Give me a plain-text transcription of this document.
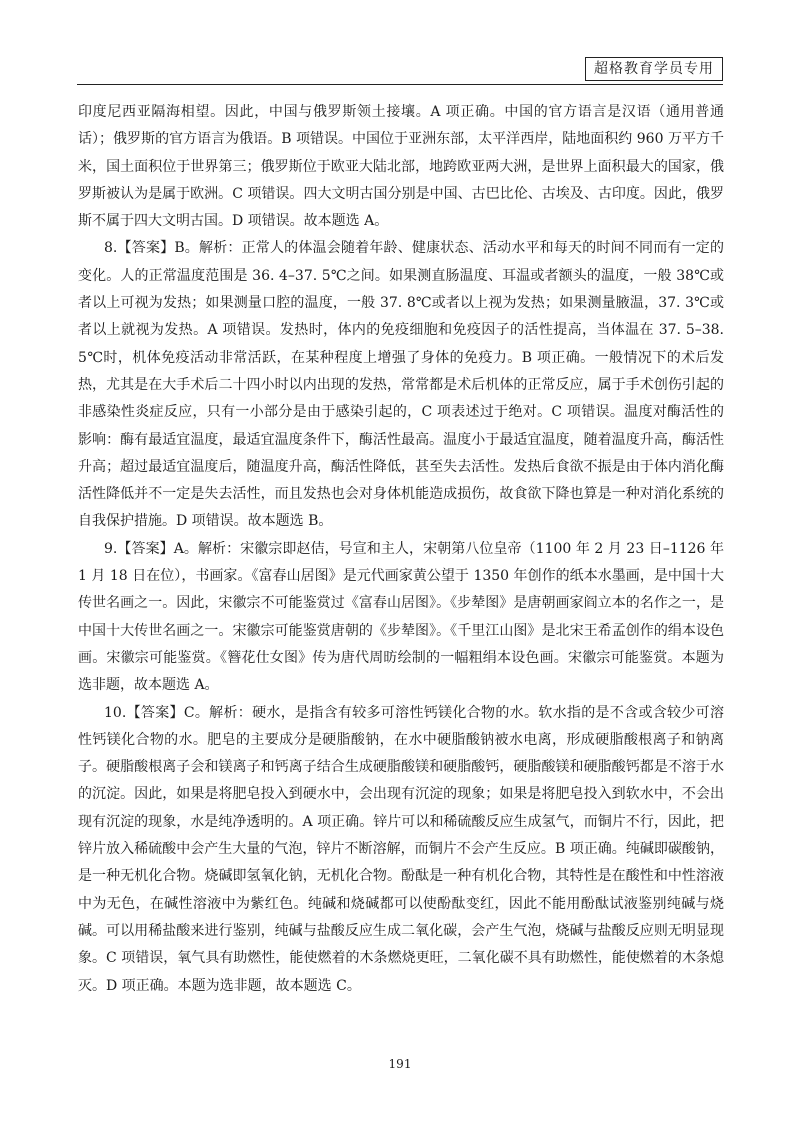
超格教育学员专用

印度尼西亚隔海相望。因此，中国与俄罗斯领土接壤。A 项正确。中国的官方语言是汉语（通用普通话）；俄罗斯的官方语言为俄语。B 项错误。中国位于亚洲东部，太平洋西岸，陆地面积约 960 万平方千米，国土面积位于世界第三；俄罗斯位于欧亚大陆北部，地跨欧亚两大洲，是世界上面积最大的国家，俄罗斯被认为是属于欧洲。C 项错误。四大文明古国分别是中国、古巴比伦、古埃及、古印度。因此，俄罗斯不属于四大文明古国。D 项错误。故本题选 A。

8.【答案】B。解析：正常人的体温会随着年龄、健康状态、活动水平和每天的时间不同而有一定的变化。人的正常温度范围是 36. 4–37. 5℃之间。如果测直肠温度、耳温或者额头的温度，一般 38℃或者以上可视为发热；如果测量口腔的温度，一般 37. 8℃或者以上视为发热；如果测量腋温，37. 3℃或者以上就视为发热。A 项错误。发热时，体内的免疫细胞和免疫因子的活性提高，当体温在 37. 5–38. 5℃时，机体免疫活动非常活跃，在某种程度上增强了身体的免疫力。B 项正确。一般情况下的术后发热，尤其是在大手术后二十四小时以内出现的发热，常常都是术后机体的正常反应，属于手术创伤引起的非感染性炎症反应，只有一小部分是由于感染引起的，C 项表述过于绝对。C 项错误。温度对酶活性的影响：酶有最适宜温度，最适宜温度条件下，酶活性最高。温度小于最适宜温度，随着温度升高，酶活性升高；超过最适宜温度后，随温度升高，酶活性降低，甚至失去活性。发热后食欲不振是由于体内消化酶活性降低并不一定是失去活性，而且发热也会对身体机能造成损伤，故食欲下降也算是一种对消化系统的自我保护措施。D 项错误。故本题选 B。

9.【答案】A。解析：宋徽宗即赵佶，号宣和主人，宋朝第八位皇帝（1100 年 2 月 23 日–1126 年 1 月 18 日在位），书画家。《富春山居图》是元代画家黄公望于 1350 年创作的纸本水墨画，是中国十大传世名画之一。因此，宋徽宗不可能鉴赏过《富春山居图》。《步辇图》是唐朝画家阎立本的名作之一，是中国十大传世名画之一。宋徽宗可能鉴赏唐朝的《步辇图》。《千里江山图》是北宋王希孟创作的绢本设色画。宋徽宗可能鉴赏。《簪花仕女图》传为唐代周昉绘制的一幅粗绢本设色画。宋徽宗可能鉴赏。本题为选非题，故本题选 A。

10.【答案】C。解析：硬水，是指含有较多可溶性钙镁化合物的水。软水指的是不含或含较少可溶性钙镁化合物的水。肥皂的主要成分是硬脂酸钠，在水中硬脂酸钠被水电离，形成硬脂酸根离子和钠离子。硬脂酸根离子会和镁离子和钙离子结合生成硬脂酸镁和硬脂酸钙，硬脂酸镁和硬脂酸钙都是不溶于水的沉淀。因此，如果是将肥皂投入到硬水中，会出现有沉淀的现象；如果是将肥皂投入到软水中，不会出现有沉淀的现象，水是纯净透明的。A 项正确。锌片可以和稀硫酸反应生成氢气，而铜片不行，因此，把锌片放入稀硫酸中会产生大量的气泡，锌片不断溶解，而铜片不会产生反应。B 项正确。纯碱即碳酸钠，是一种无机化合物。烧碱即氢氧化钠，无机化合物。酚酞是一种有机化合物，其特性是在酸性和中性溶液中为无色，在碱性溶液中为紫红色。纯碱和烧碱都可以使酚酞变红，因此不能用酚酞试液鉴别纯碱与烧碱。可以用稀盐酸来进行鉴别，纯碱与盐酸反应生成二氧化碳，会产生气泡，烧碱与盐酸反应则无明显现象。C 项错误，氧气具有助燃性，能使燃着的木条燃烧更旺，二氧化碳不具有助燃性，能使燃着的木条熄灭。D 项正确。本题为选非题，故本题选 C。

191
